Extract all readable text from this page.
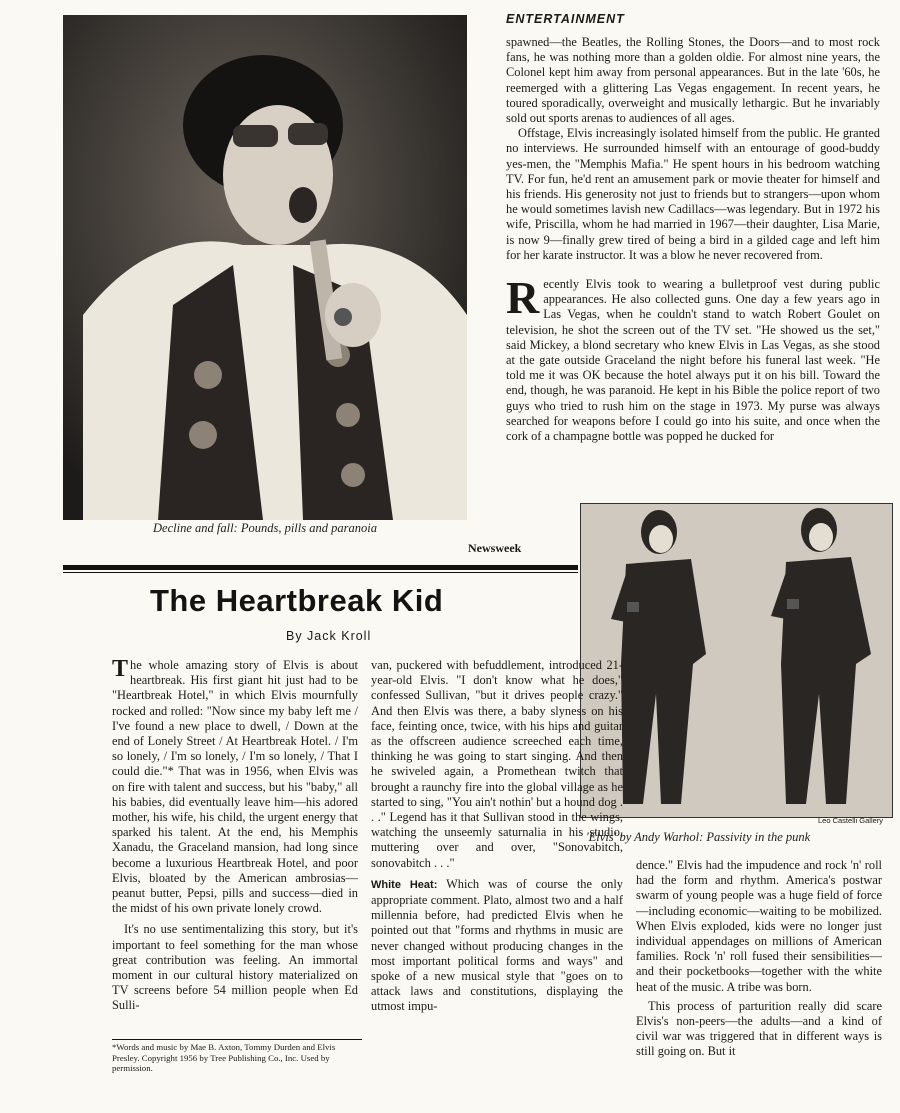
Decline and fall: Pounds, pills and paranoia
ENTERTAINMENT

spawned—the Beatles, the Rolling Stones, the Doors—and to most rock fans, he was nothing more than a golden oldie. For almost nine years, the Colonel kept him away from personal appearances. But in the late '60s, he reemerged with a glittering Las Vegas engagement. In recent years, he toured sporadically, overweight and musically lethargic. But he invariably sold out sports arenas to audiences of all ages.

Offstage, Elvis increasingly isolated himself from the public. He granted no interviews. He surrounded himself with an entourage of good-buddy yes-men, the "Memphis Mafia." He spent hours in his bedroom watching TV. For fun, he'd rent an amusement park or movie theater for himself and his friends. His generosity not just to friends but to strangers—upon whom he would sometimes lavish new Cadillacs—was legendary. But in 1972 his wife, Priscilla, whom he had married in 1967—their daughter, Lisa Marie, is now 9—finally grew tired of being a bird in a gilded cage and left him for her karate instructor. It was a blow he never recovered from.

Recently Elvis took to wearing a bulletproof vest during public appearances. He also collected guns. One day a few years ago in Las Vegas, when he couldn't stand to watch Robert Goulet on television, he shot the screen out of the TV set. "He showed us the set," said Mickey, a blond secretary who knew Elvis in Las Vegas, as she stood at the gate outside Graceland the night before his funeral last week. "He told me it was OK because the hotel always put it on his bill. Toward the end, though, he was paranoid. He kept in his Bible the police report of two guys who tried to rush him on the stage in 1973. My purse was always searched for weapons before I could go into his suite, and once when the cork of a champagne bottle was popped he ducked for

Newsweek
Leo Castelli Gallery
'Elvis' by Andy Warhol: Passivity in the punk
The Heartbreak Kid
By Jack Kroll

The whole amazing story of Elvis is about heartbreak. His first giant hit just had to be "Heartbreak Hotel," in which Elvis mournfully rocked and rolled: "Now since my baby left me / I've found a new place to dwell, / Down at the end of Lonely Street / At Heartbreak Hotel. / I'm so lonely, / I'm so lonely, / I'm so lonely, / That I could die."* That was in 1956, when Elvis was on fire with talent and success, but his "baby," all his babies, did eventually leave him—his adored mother, his wife, his child, the urgent energy that sparked his talent. At the end, his Memphis Xanadu, the Graceland mansion, had long since become a luxurious Heartbreak Hotel, and poor Elvis, bloated by the American ambrosias—peanut butter, Pepsi, pills and success—died in the midst of his own private lonely crowd.

It's no use sentimentalizing this story, but it's important to feel something for the man whose great contribution was feeling. An immortal moment in our cultural history materialized on TV screens before 54 million people when Ed Sulli-

*Words and music by Mae B. Axton, Tommy Durden and Elvis Presley. Copyright 1956 by Tree Publishing Co., Inc. Used by permission.

van, puckered with befuddlement, introduced 21-year-old Elvis. "I don't know what he does," confessed Sullivan, "but it drives people crazy." And then Elvis was there, a baby slyness on his face, feinting once, twice, with his hips and guitar as the offscreen audience screeched each time, thinking he was going to start singing. And then he swiveled again, a Promethean twitch that brought a raunchy fire into the global village as he started to sing, "You ain't nothin' but a hound dog . . ." Legend has it that Sullivan stood in the wings, watching the unseemly saturnalia in his studio, muttering over and over, "Sonovabitch, sonovabitch . . ."

White Heat: Which was of course the only appropriate comment. Plato, almost two and a half millennia before, had predicted Elvis when he pointed out that "forms and rhythms in music are never changed without producing changes in the most important political forms and ways" and spoke of a new musical style that "goes on to attack laws and constitutions, displaying the utmost impu-

dence." Elvis had the impudence and rock 'n' roll had the form and rhythm. America's postwar swarm of young people was a huge field of force—including economic—waiting to be mobilized. When Elvis exploded, kids were no longer just individual appendages on millions of American families. Rock 'n' roll fused their sensibilities—and their pocketbooks—together with the white heat of the music. A tribe was born.

This process of parturition really did scare Elvis's non-peers—the adults—and a kind of civil war was triggered that in different ways is still going on. But it
